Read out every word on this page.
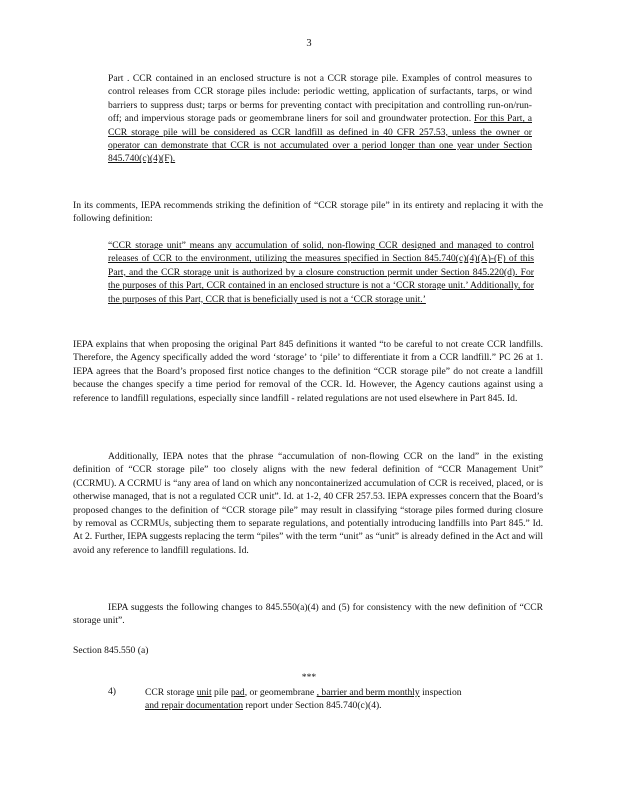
3
Part . CCR contained in an enclosed structure is not a CCR storage pile. Examples of control measures to control releases from CCR storage piles include: periodic wetting, application of surfactants, tarps, or wind barriers to suppress dust; tarps or berms for preventing contact with precipitation and controlling run-on/run-off; and impervious storage pads or geomembrane liners for soil and groundwater protection. For this Part, a CCR storage pile will be considered as CCR landfill as defined in 40 CFR 257.53, unless the owner or operator can demonstrate that CCR is not accumulated over a period longer than one year under Section 845.740(c)(4)(F).
In its comments, IEPA recommends striking the definition of “CCR storage pile” in its entirety and replacing it with the following definition:
“CCR storage unit” means any accumulation of solid, non-flowing CCR designed and managed to control releases of CCR to the environment, utilizing the measures specified in Section 845.740(c)(4)(A)-(F) of this Part, and the CCR storage unit is authorized by a closure construction permit under Section 845.220(d). For the purposes of this Part, CCR contained in an enclosed structure is not a ‘CCR storage unit.’ Additionally, for the purposes of this Part, CCR that is beneficially used is not a ‘CCR storage unit.’
IEPA explains that when proposing the original Part 845 definitions it wanted “to be careful to not create CCR landfills. Therefore, the Agency specifically added the word ‘storage’ to ‘pile’ to differentiate it from a CCR landfill.” PC 26 at 1. IEPA agrees that the Board’s proposed first notice changes to the definition “CCR storage pile” do not create a landfill because the changes specify a time period for removal of the CCR. Id. However, the Agency cautions against using a reference to landfill regulations, especially since landfill - related regulations are not used elsewhere in Part 845. Id.
Additionally, IEPA notes that the phrase “accumulation of non-flowing CCR on the land” in the existing definition of “CCR storage pile” too closely aligns with the new federal definition of “CCR Management Unit” (CCRMU). A CCRMU is “any area of land on which any noncontainerized accumulation of CCR is received, placed, or is otherwise managed, that is not a regulated CCR unit”. Id. at 1-2, 40 CFR 257.53. IEPA expresses concern that the Board’s proposed changes to the definition of “CCR storage pile” may result in classifying “storage piles formed during closure by removal as CCRMUs, subjecting them to separate regulations, and potentially introducing landfills into Part 845.” Id. At 2. Further, IEPA suggests replacing the term “piles” with the term “unit” as “unit” is already defined in the Act and will avoid any reference to landfill regulations. Id.
IEPA suggests the following changes to 845.550(a)(4) and (5) for consistency with the new definition of “CCR storage unit”.
Section 845.550 (a)
***
4)	CCR storage unit pile pad, or geomembrane , barrier and berm monthly inspection
and repair documentation report under Section 845.740(c)(4).
